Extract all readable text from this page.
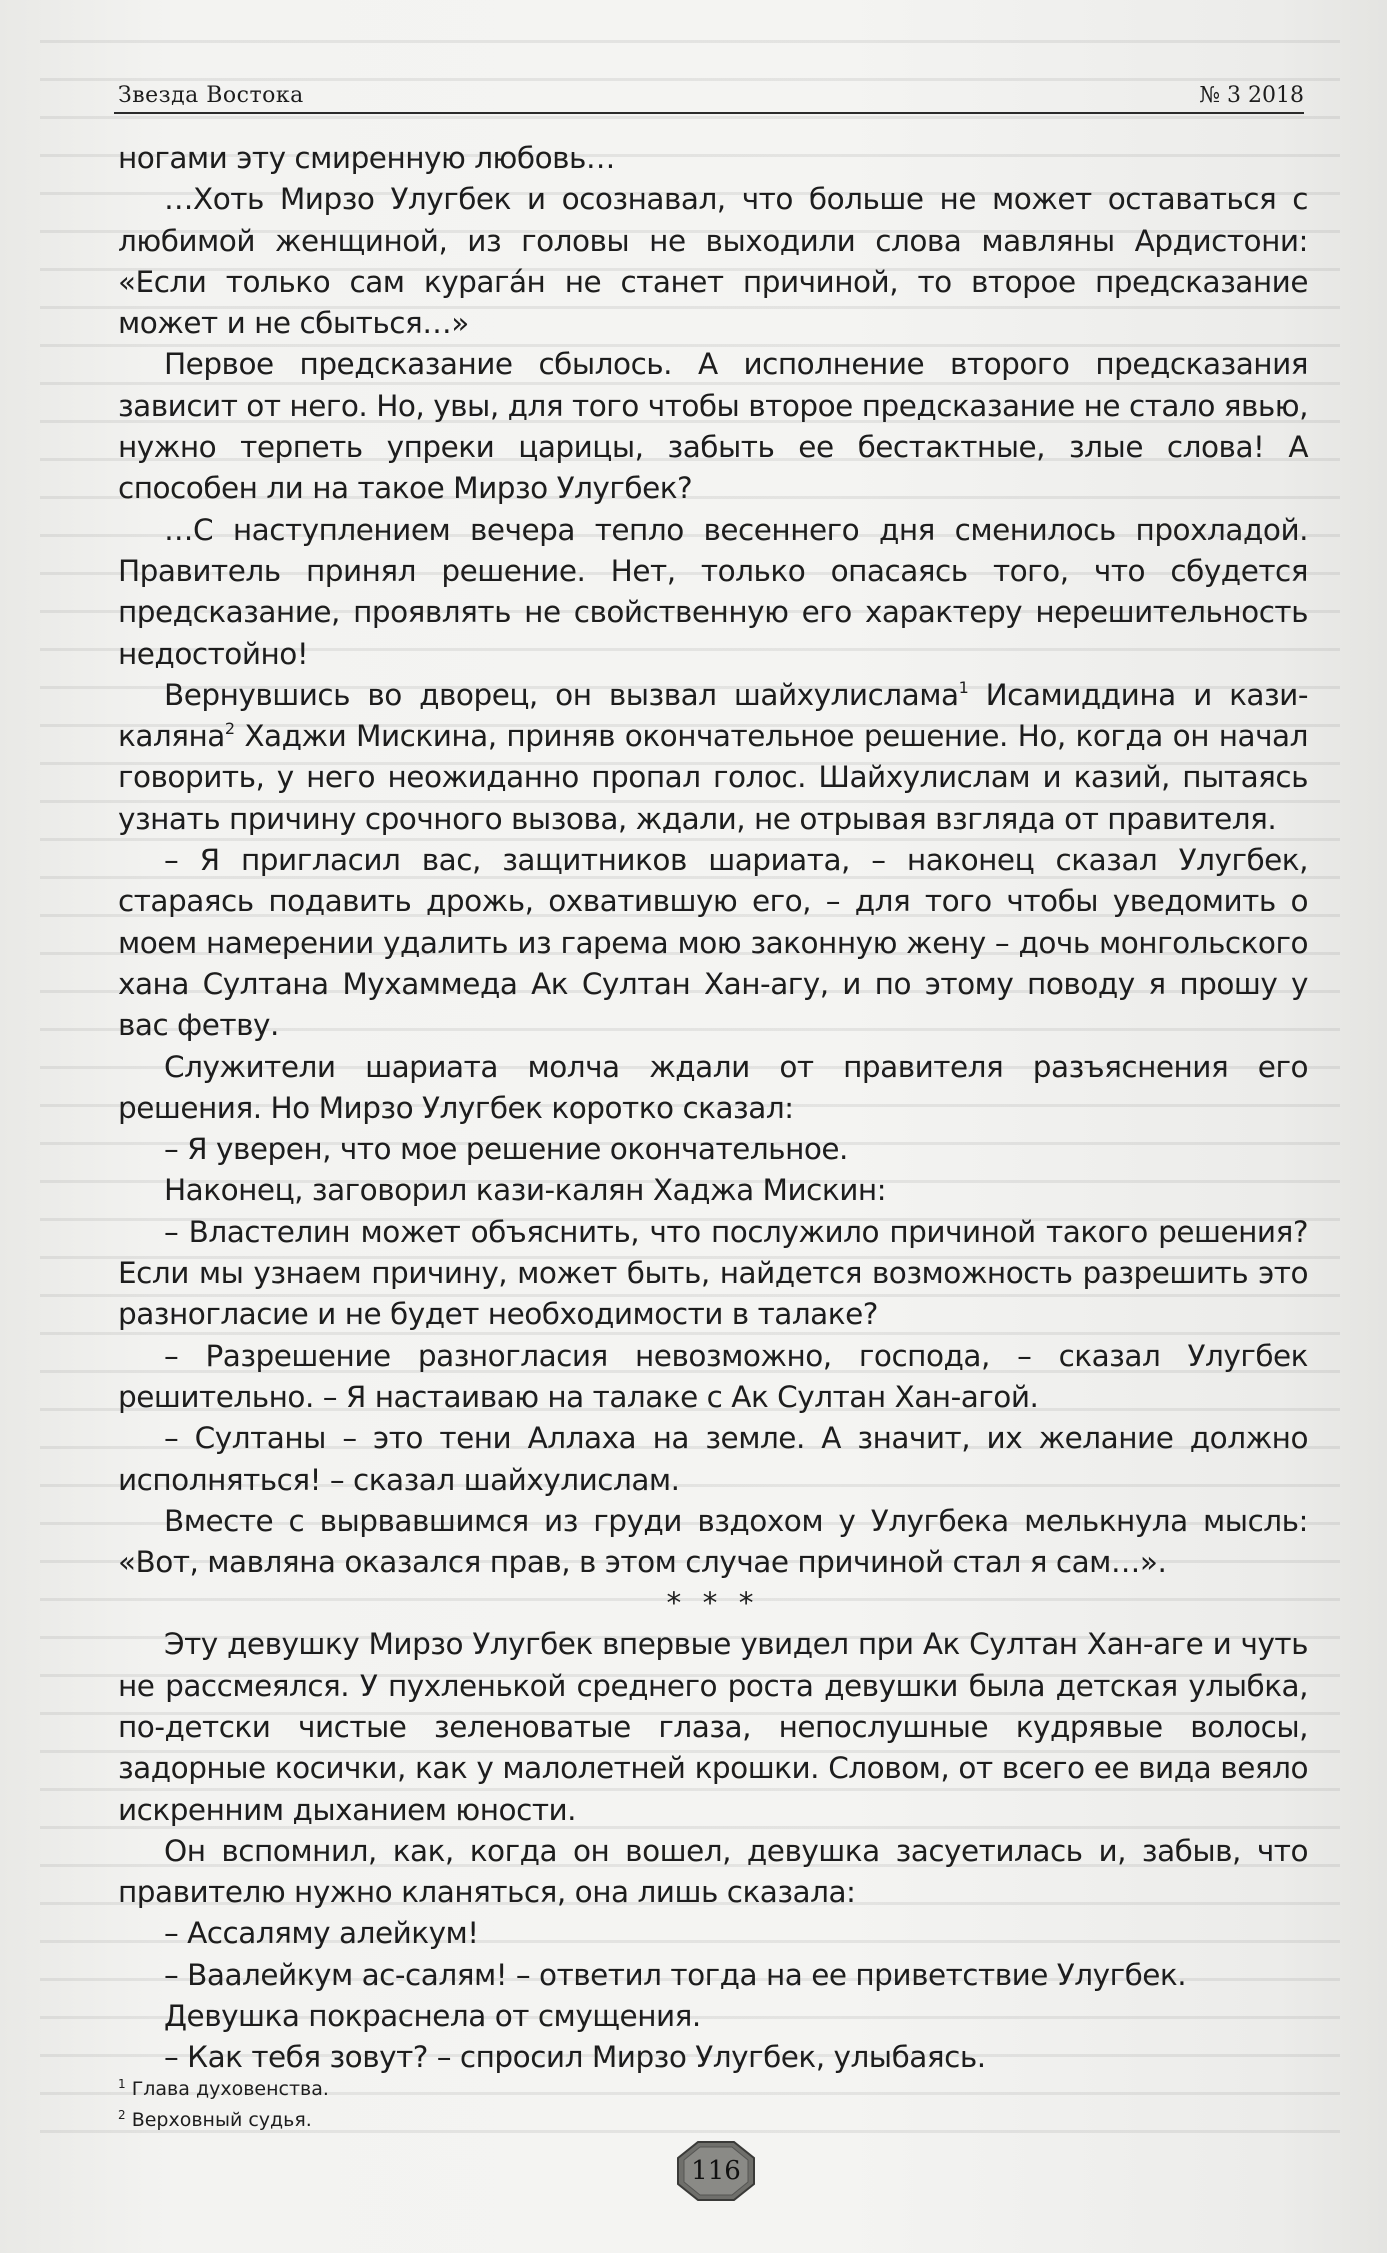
Звезда Востока	№ 3 2018

ногами эту смиренную любовь…

…Хоть Мирзо Улугбек и осознавал, что больше не может оставаться с любимой женщиной, из головы не выходили слова мавляны Ардистони: «Если только сам курага́н не станет причиной, то второе предсказание может и не сбыться…»

Первое предсказание сбылось. А исполнение второго предсказания зависит от него. Но, увы, для того чтобы второе предсказание не стало явью, нужно терпеть упреки царицы, забыть ее бестактные, злые слова! А способен ли на такое Мирзо Улугбек?

…С наступлением вечера тепло весеннего дня сменилось прохладой. Правитель принял решение. Нет, только опасаясь того, что сбудется предсказание, проявлять не свойственную его характеру нерешительность недостойно!

Вернувшись во дворец, он вызвал шайхулислама$^1$ Исамиддина и кази-каляна$^2$ Хаджи Мискина, приняв окончательное решение. Но, когда он начал говорить, у него неожиданно пропал голос. Шайхулислам и казий, пытаясь узнать причину срочного вызова, ждали, не отрывая взгляда от правителя.

– Я пригласил вас, защитников шариата, – наконец сказал Улугбек, стараясь подавить дрожь, охватившую его, – для того чтобы уведомить о моем намерении удалить из гарема мою законную жену – дочь монгольского хана Султана Мухаммеда Ак Султан Хан-агу, и по этому поводу я прошу у вас фетву.

Служители шариата молча ждали от правителя разъяснения его решения. Но Мирзо Улугбек коротко сказал:

– Я уверен, что мое решение окончательное.

Наконец, заговорил кази-калян Хаджа Мискин:

– Властелин может объяснить, что послужило причиной такого решения? Если мы узнаем причину, может быть, найдется возможность разрешить это разногласие и не будет необходимости в талаке?

– Разрешение разногласия невозможно, господа, – сказал Улугбек решительно. – Я настаиваю на талаке с Ак Султан Хан-агой.

– Султаны – это тени Аллаха на земле. А значит, их желание должно исполняться! – сказал шайхулислам.

Вместе с вырвавшимся из груди вздохом у Улугбека мелькнула мысль: «Вот, мавляна оказался прав, в этом случае причиной стал я сам…».

* * *

Эту девушку Мирзо Улугбек впервые увидел при Ак Султан Хан-аге и чуть не рассмеялся. У пухленькой среднего роста девушки была детская улыбка, по-детски чистые зеленоватые глаза, непослушные кудрявые волосы, задорные косички, как у малолетней крошки. Словом, от всего ее вида веяло искренним дыханием юности.

Он вспомнил, как, когда он вошел, девушка засуетилась и, забыв, что правителю нужно кланяться, она лишь сказала:

– Ассаляму алейкум!

– Ваалейкум ас-салям! – ответил тогда на ее приветствие Улугбек.

Девушка покраснела от смущения.

– Как тебя зовут? – спросил Мирзо Улугбек, улыбаясь.

$^1$ Глава духовенства.
$^2$ Верховный судья.
116
